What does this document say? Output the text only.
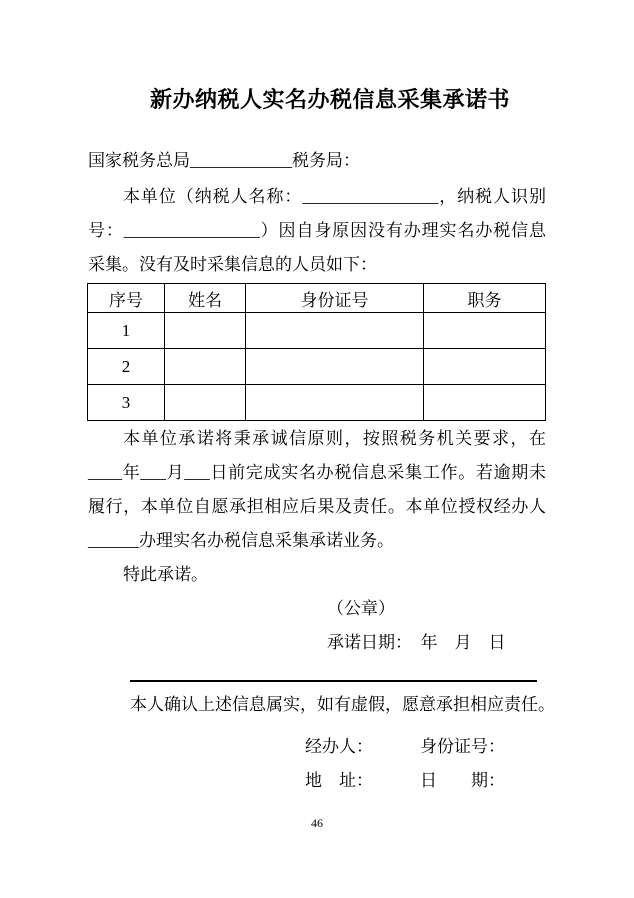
新办纳税人实名办税信息采集承诺书

国家税务总局____________税务局：

本单位（纳税人名称：________________，纳税人识别号：________________）因自身原因没有办理实名办税信息采集。没有及时采集信息的人员如下：

序号	姓名	身份证号	职务
1			
2			
3			

本单位承诺将秉承诚信原则，按照税务机关要求，在____年___月___日前完成实名办税信息采集工作。若逾期未履行，本单位自愿承担相应后果及责任。本单位授权经办人______办理实名办税信息采集承诺业务。

特此承诺。

（公章）

承诺日期：　年　月　日

本人确认上述信息属实，如有虚假，愿意承担相应责任。

经办人：	身份证号：
地　址：	日　　期：
46
